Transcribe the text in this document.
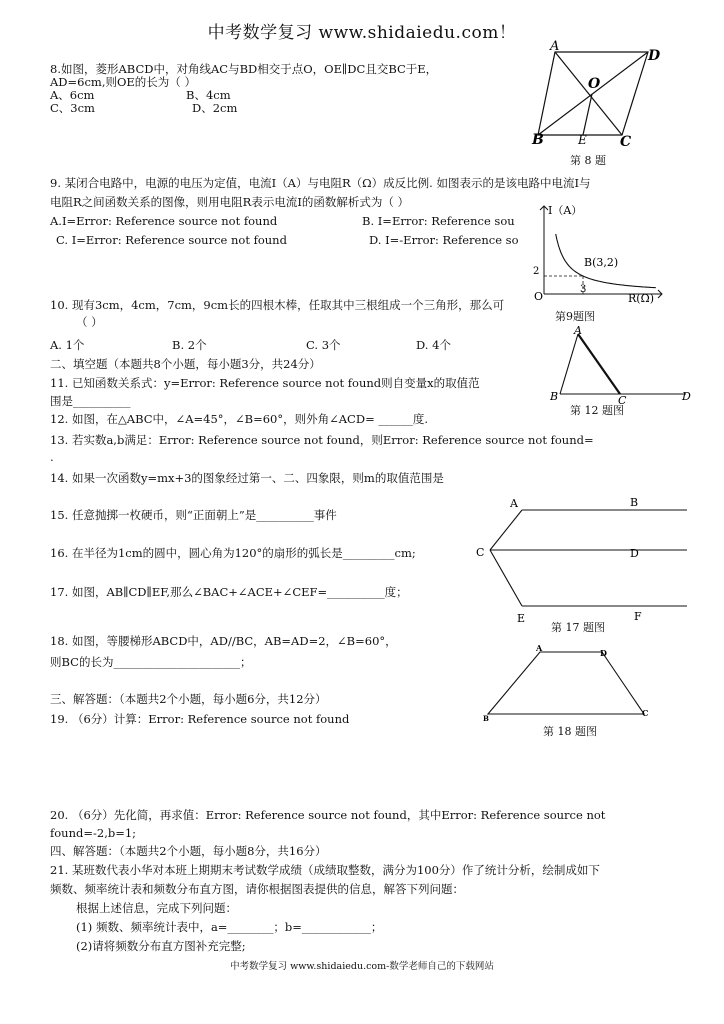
中考数学复习 www.shidaiedu.com！
8.如图，菱形ABCD中，对角线AC与BD相交于点O，OE∥DC且交BC于E，
AD=6cm,则OE的长为（ ）
A、6cm	B、4cm
C、3cm	D、2cm
A
D
O
B	E C
第 8 题
9. 某闭合电路中，电源的电压为定值，电流I（A）与电阻R（Ω）成反比例. 如图表示的是该电路中电流I与
电阻R之间函数关系的图像，则用电阻R表示电流I的函数解析式为（ ）
A.I=Error: Reference source not found	B. I=Error: Reference sou
C. I=Error: Reference source not found	D. I=-Error: Reference so
I（A）
B(3,2)
2
3
O	R(Ω)
第9题图
10. 现有3cm，4cm，7cm，9cm长的四根木棒，任取其中三根组成一个三角形，那么可
（ ）
A. 1个	B. 2个	C. 3个	D. 4个
A
B	C	D
第 12 题图
二、填空题（本题共8个小题，每小题3分，共24分）
11. 已知函数关系式：y=Error: Reference source not found则自变量x的取值范
围是__________
12. 如图，在△ABC中，∠A=45°，∠B=60°，则外角∠ACD= ______度.
13. 若实数a,b满足：Error: Reference source not found，则Error: Reference source not found=
.
14. 如果一次函数y=mx+3的图象经过第一、二、四象限，则m的取值范围是
15. 任意抛掷一枚硬币，则“正面朝上”是__________事件
16. 在半径为1cm的圆中，圆心角为120°的扇形的弧长是_________cm;
17. 如图，AB∥CD∥EF,那么∠BAC+∠ACE+∠CEF=__________度；
A	B
C	D
E	F
第 17 题图
18. 如图，等腰梯形ABCD中，AD//BC，AB=AD=2，∠B=60°，
则BC的长为______________________；
A	D
B
C
第 18 题图
三、解答题：（本题共2个小题，每小题6分，共12分）
19. （6分）计算：Error: Reference source not found
20. （6分）先化简，再求值：Error: Reference source not found，其中Error: Reference source not
found=-2,b=1;
四、解答题：（本题共2个小题，每小题8分，共16分）
21. 某班数代表小华对本班上期期末考试数学成绩（成绩取整数，满分为100分）作了统计分析，绘制成如下
频数、频率统计表和频数分布直方图，请你根据图表提供的信息，解答下列问题：
根据上述信息，完成下列问题：
(1) 频数、频率统计表中，a=________；b=____________；
(2)请将频数分布直方图补充完整;
中考数学复习 www.shidaiedu.com-数学老师自己的下载网站
